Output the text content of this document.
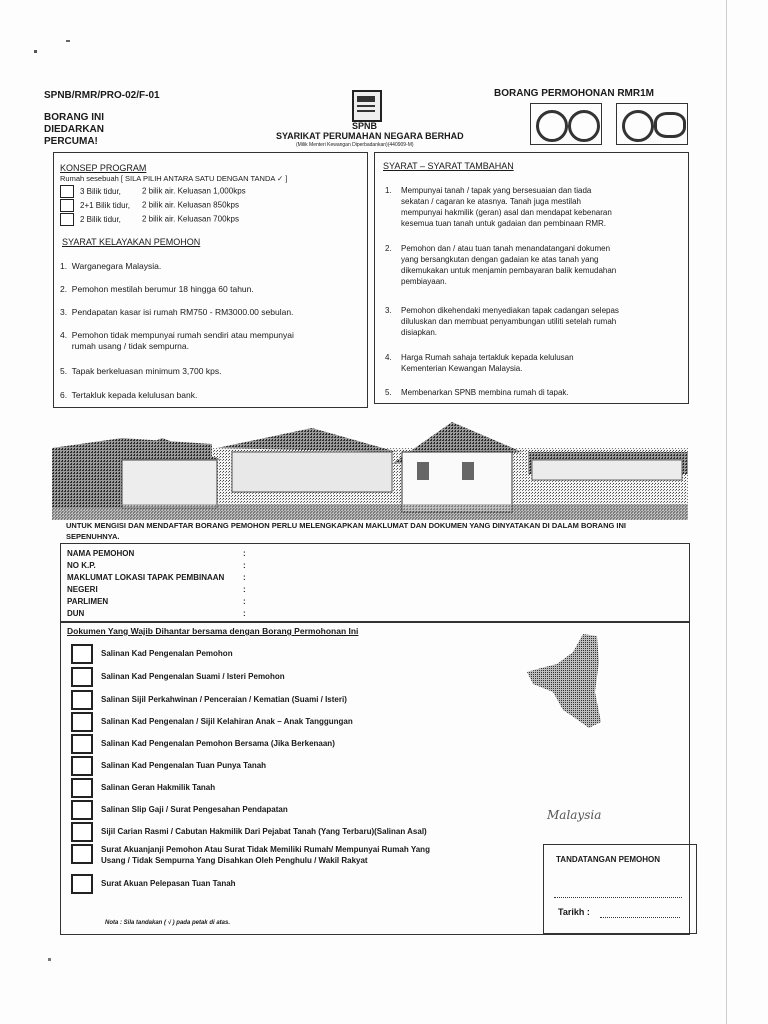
SPNB/RMR/PRO-02/F-01
BORANG INI
DIEDARKAN
PERCUMA!
SPNB
SYARIKAT PERUMAHAN NEGARA BERHAD
(Milik Menteri Kewangan Diperbadankan)(440909-M)
BORANG PERMOHONAN RMR1M
KONSEP PROGRAM
Rumah sesebuah [ SILA PILIH ANTARA SATU DENGAN TANDA ✓ ]
3 Bilik tidur,	2 bilik air. Keluasan 1,000kps
2+1 Bilik tidur, 2 bilik air. Keluasan 850kps
2 Bilik tidur,	2 bilik air. Keluasan 700kps
SYARAT KELAYAKAN PEMOHON
1.  Warganegara Malaysia.
2.  Pemohon mestilah berumur 18 hingga 60 tahun.
3.  Pendapatan kasar isi rumah RM750 - RM3000.00 sebulan.
4.  Pemohon tidak mempunyai rumah sendiri atau mempunyai
rumah usang / tidak sempurna.
5.  Tapak berkeluasan minimum 3,700 kps.
6.  Tertakluk kepada kelulusan bank.
SYARAT – SYARAT TAMBAHAN
1. Mempunyai tanah / tapak yang bersesuaian dan tiada
sekatan / cagaran ke atasnya. Tanah juga mestilah
mempunyai hakmilik (geran) asal dan mendapat kebenaran
kesemua tuan tanah untuk gadaian dan pembinaan RMR.
2. Pemohon dan / atau tuan tanah menandatangani dokumen
yang bersangkutan dengan gadaian ke atas tanah yang
dikemukakan untuk menjamin pembayaran balik kemudahan
pembiayaan.
3. Pemohon dikehendaki menyediakan tapak cadangan selepas
diluluskan dan membuat penyambungan utiliti setelah rumah
disiapkan.
4. Harga Rumah sahaja tertakluk kepada kelulusan
Kementerian Kewangan Malaysia.
5. Membenarkan SPNB membina rumah di tapak.
UNTUK MENGISI DAN MENDAFTAR BORANG PEMOHON PERLU MELENGKAPKAN MAKLUMAT DAN DOKUMEN YANG DINYATAKAN DI DALAM BORANG INI SEPENUHNYA.
NAMA PEMOHON	:
NO K.P.	:
MAKLUMAT LOKASI TAPAK PEMBINAAN :
NEGERI	:
PARLIMEN	:
DUN	:
Dokumen Yang Wajib Dihantar bersama dengan Borang Permohonan Ini
Salinan Kad Pengenalan Pemohon
Salinan Kad Pengenalan Suami / Isteri Pemohon
Salinan Sijil Perkahwinan / Penceraian / Kematian (Suami / Isteri)
Salinan Kad Pengenalan / Sijil Kelahiran Anak – Anak Tanggungan
Salinan Kad Pengenalan Pemohon Bersama (Jika Berkenaan)
Salinan Kad Pengenalan Tuan Punya Tanah
Salinan Geran Hakmilik Tanah
Salinan Slip Gaji / Surat Pengesahan Pendapatan
Sijil Carian Rasmi / Cabutan Hakmilik Dari Pejabat Tanah (Yang Terbaru)(Salinan Asal)
Surat Akuanjanji Pemohon Atau Surat Tidak Memiliki Rumah/ Mempunyai Rumah Yang
Usang / Tidak Sempurna Yang Disahkan Oleh Penghulu / Wakil Rakyat
Surat Akuan Pelepasan Tuan Tanah
Nota : Sila tandakan ( √ ) pada petak di atas.
Malaysia
TANDATANGAN PEMOHON
Tarikh :
